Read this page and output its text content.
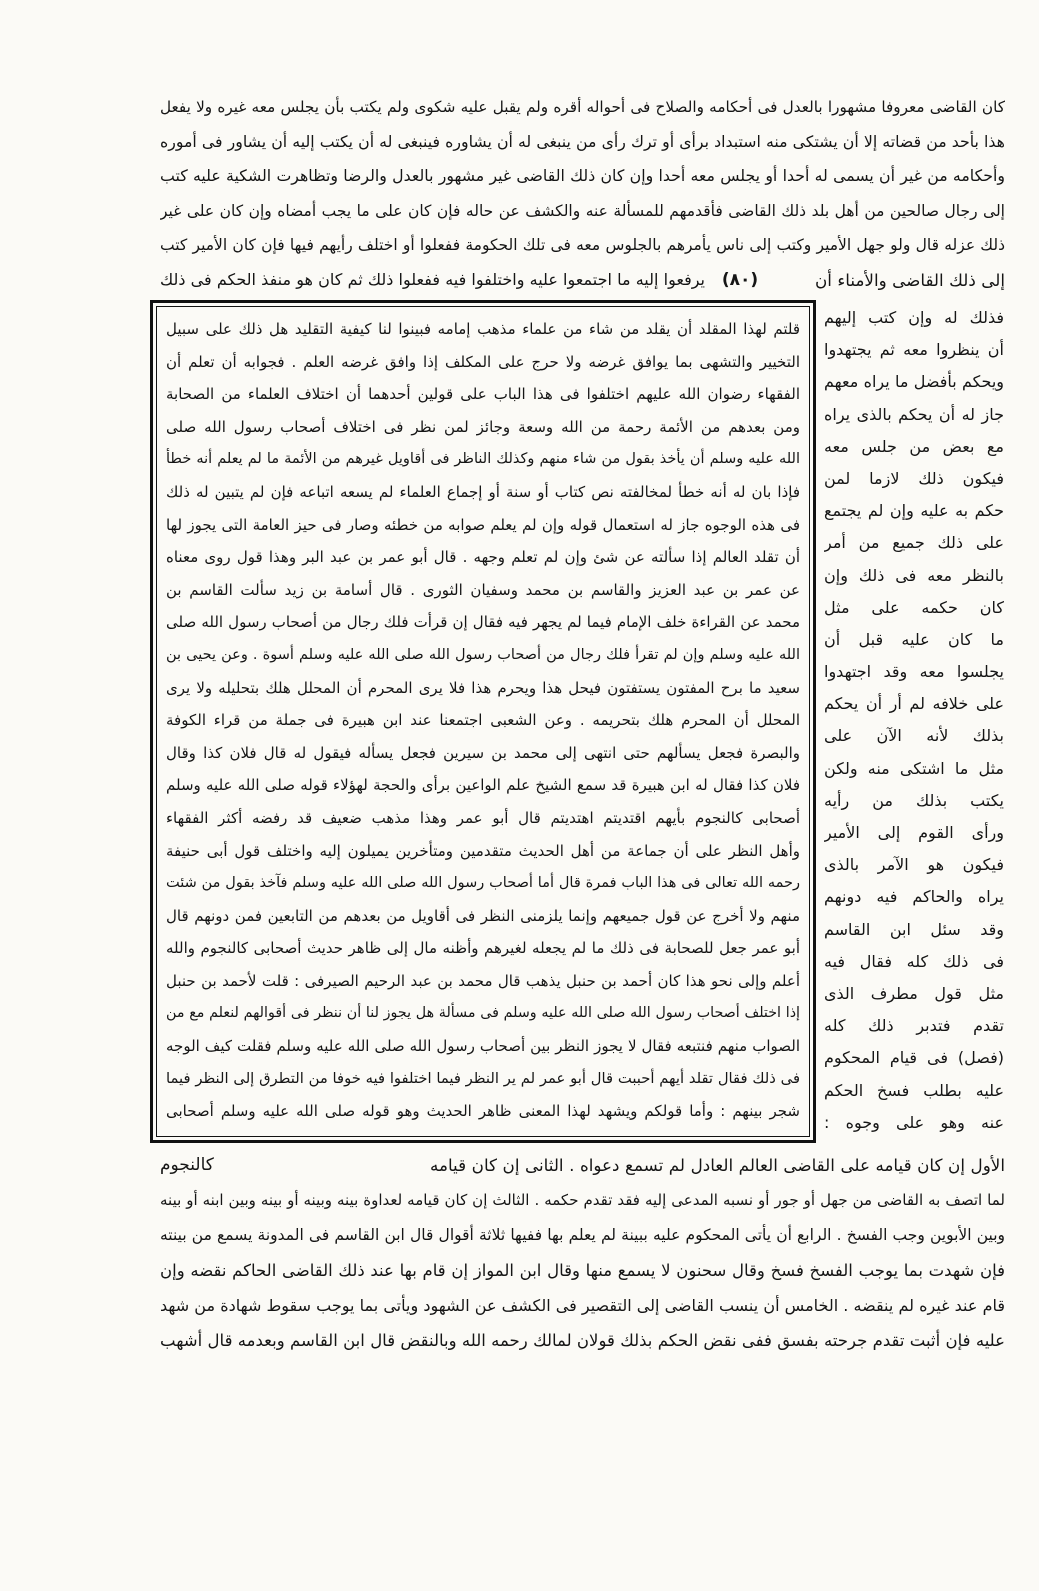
كان القاضى معروفا مشهورا بالعدل فى أحكامه والصلاح فى أحواله أقره ولم يقبل عليه شكوى ولم يكتب بأن يجلس معه غيره ولا يفعل
هذا بأحد من قضاته إلا أن يشتكى منه استبداد برأى أو ترك رأى من ينبغى له أن يشاوره فينبغى له أن يكتب إليه أن يشاور فى أموره
وأحكامه من غير أن يسمى له أحدا أو يجلس معه أحدا وإن كان ذلك القاضى غير مشهور بالعدل والرضا وتظاهرت الشكية عليه كتب
إلى رجال صالحين من أهل بلد ذلك القاضى فأقدمهم للمسألة عنه والكشف عن حاله فإن كان على ما يجب أمضاه وإن كان على غير
ذلك عزله قال ولو جهل الأمير وكتب إلى ناس يأمرهم بالجلوس معه فى تلك الحكومة ففعلوا أو اختلف رأيهم فيها فإن كان الأمير كتب
إلى ذلك القاضى والأمناء أن
(٨٠)
يرفعوا إليه ما اجتمعوا عليه واختلفوا فيه ففعلوا ذلك ثم كان هو منفذ الحكم فى ذلك
فذلك له وإن كتب إليهم
أن ينظروا معه ثم يجتهدوا
ويحكم بأفضل ما يراه معهم
جاز له أن يحكم بالذى يراه
مع بعض من جلس معه
فيكون ذلك لازما لمن
حكم به عليه وإن لم يجتمع
على ذلك جميع من أمر
بالنظر معه فى ذلك وإن
كان حكمه على مثل
ما كان عليه قبل أن
يجلسوا معه وقد اجتهدوا
على خلافه لم أر أن يحكم
بذلك لأنه الآن على
مثل ما اشتكى منه ولكن
يكتب بذلك من رأيه
ورأى القوم إلى الأمير
فيكون هو الآمر بالذى
يراه والحاكم فيه دونهم
وقد سئل ابن القاسم
فى ذلك كله فقال فيه
مثل قول مطرف الذى
تقدم فتدبر ذلك كله
(فصل) فى قيام المحكوم
عليه بطلب فسخ الحكم
عنه وهو على وجوه :
قلتم لهذا المقلد أن يقلد من شاء من علماء مذهب إمامه فبينوا لنا كيفية التقليد هل ذلك على سبيل
التخيير والتشهى بما يوافق غرضه ولا حرج على المكلف إذا وافق غرضه العلم . فجوابه أن تعلم أن
الفقهاء رضوان الله عليهم اختلفوا فى هذا الباب على قولين أحدهما أن اختلاف العلماء من الصحابة
ومن بعدهم من الأئمة رحمة من الله وسعة وجائز لمن نظر فى اختلاف أصحاب رسول الله صلى
الله عليه وسلم أن يأخذ بقول من شاء منهم وكذلك الناظر فى أقاويل غيرهم من الأئمة ما لم يعلم أنه خطأ
فإذا بان له أنه خطأ لمخالفته نص كتاب أو سنة أو إجماع العلماء لم يسعه اتباعه فإن لم يتبين له ذلك
فى هذه الوجوه جاز له استعمال قوله وإن لم يعلم صوابه من خطئه وصار فى حيز العامة التى يجوز لها
أن تقلد العالم إذا سألته عن شئ وإن لم تعلم وجهه . قال أبو عمر بن عبد البر وهذا قول روى معناه
عن عمر بن عبد العزيز والقاسم بن محمد وسفيان الثورى . قال أسامة بن زيد سألت القاسم بن
محمد عن القراءة خلف الإمام فيما لم يجهر فيه فقال إن قرأت فلك رجال من أصحاب رسول الله صلى
الله عليه وسلم وإن لم تقرأ فلك رجال من أصحاب رسول الله صلى الله عليه وسلم أسوة . وعن يحيى بن
سعيد ما برح المفتون يستفتون فيحل هذا ويحرم هذا فلا يرى المحرم أن المحلل هلك بتحليله ولا يرى
المحلل أن المحرم هلك بتحريمه . وعن الشعبى اجتمعنا عند ابن هبيرة فى جملة من قراء الكوفة
والبصرة فجعل يسألهم حتى انتهى إلى محمد بن سيرين فجعل يسأله فيقول له قال فلان كذا وقال
فلان كذا فقال له ابن هبيرة قد سمع الشيخ علم الواعين برأى والحجة لهؤلاء قوله صلى الله عليه وسلم
أصحابى كالنجوم بأيهم اقتديتم اهتديتم قال أبو عمر وهذا مذهب ضعيف قد رفضه أكثر الفقهاء
وأهل النظر على أن جماعة من أهل الحديث متقدمين ومتأخرين يميلون إليه واختلف قول أبى حنيفة
رحمه الله تعالى فى هذا الباب فمرة قال أما أصحاب رسول الله صلى الله عليه وسلم فآخذ بقول من شئت
منهم ولا أخرج عن قول جميعهم وإنما يلزمنى النظر فى أقاويل من بعدهم من التابعين فمن دونهم قال
أبو عمر جعل للصحابة فى ذلك ما لم يجعله لغيرهم وأظنه مال إلى ظاهر حديث أصحابى كالنجوم والله
أعلم وإلى نحو هذا كان أحمد بن حنبل يذهب قال محمد بن عبد الرحيم الصيرفى : قلت لأحمد بن حنبل
إذا اختلف أصحاب رسول الله صلى الله عليه وسلم فى مسألة هل يجوز لنا أن ننظر فى أقوالهم لنعلم مع من
الصواب منهم فنتبعه فقال لا يجوز النظر بين أصحاب رسول الله صلى الله عليه وسلم فقلت كيف الوجه
فى ذلك فقال تقلد أيهم أحببت قال أبو عمر لم ير النظر فيما اختلفوا فيه خوفا من التطرق إلى النظر فيما
شجر بينهم : وأما قولكم ويشهد لهذا المعنى ظاهر الحديث وهو قوله صلى الله عليه وسلم أصحابى
الأول إن كان قيامه على القاضى العالم العادل لم تسمع دعواه . الثانى إن كان قيامه
كالنجوم
لما اتصف به القاضى من جهل أو جور أو نسبه المدعى إليه فقد تقدم حكمه . الثالث إن كان قيامه لعداوة بينه وبينه أو بينه وبين ابنه أو بينه
وبين الأبوين وجب الفسخ . الرابع أن يأتى المحكوم عليه ببينة لم يعلم بها ففيها ثلاثة أقوال قال ابن القاسم فى المدونة يسمع من بينته
فإن شهدت بما يوجب الفسخ فسخ وقال سحنون لا يسمع منها وقال ابن المواز إن قام بها عند ذلك القاضى الحاكم نقضه وإن
قام عند غيره لم ينقضه . الخامس أن ينسب القاضى إلى التقصير فى الكشف عن الشهود ويأتى بما يوجب سقوط شهادة من شهد
عليه فإن أثبت تقدم جرحته بفسق ففى نقض الحكم بذلك قولان لمالك رحمه الله وبالنقض قال ابن القاسم وبعدمه قال أشهب
